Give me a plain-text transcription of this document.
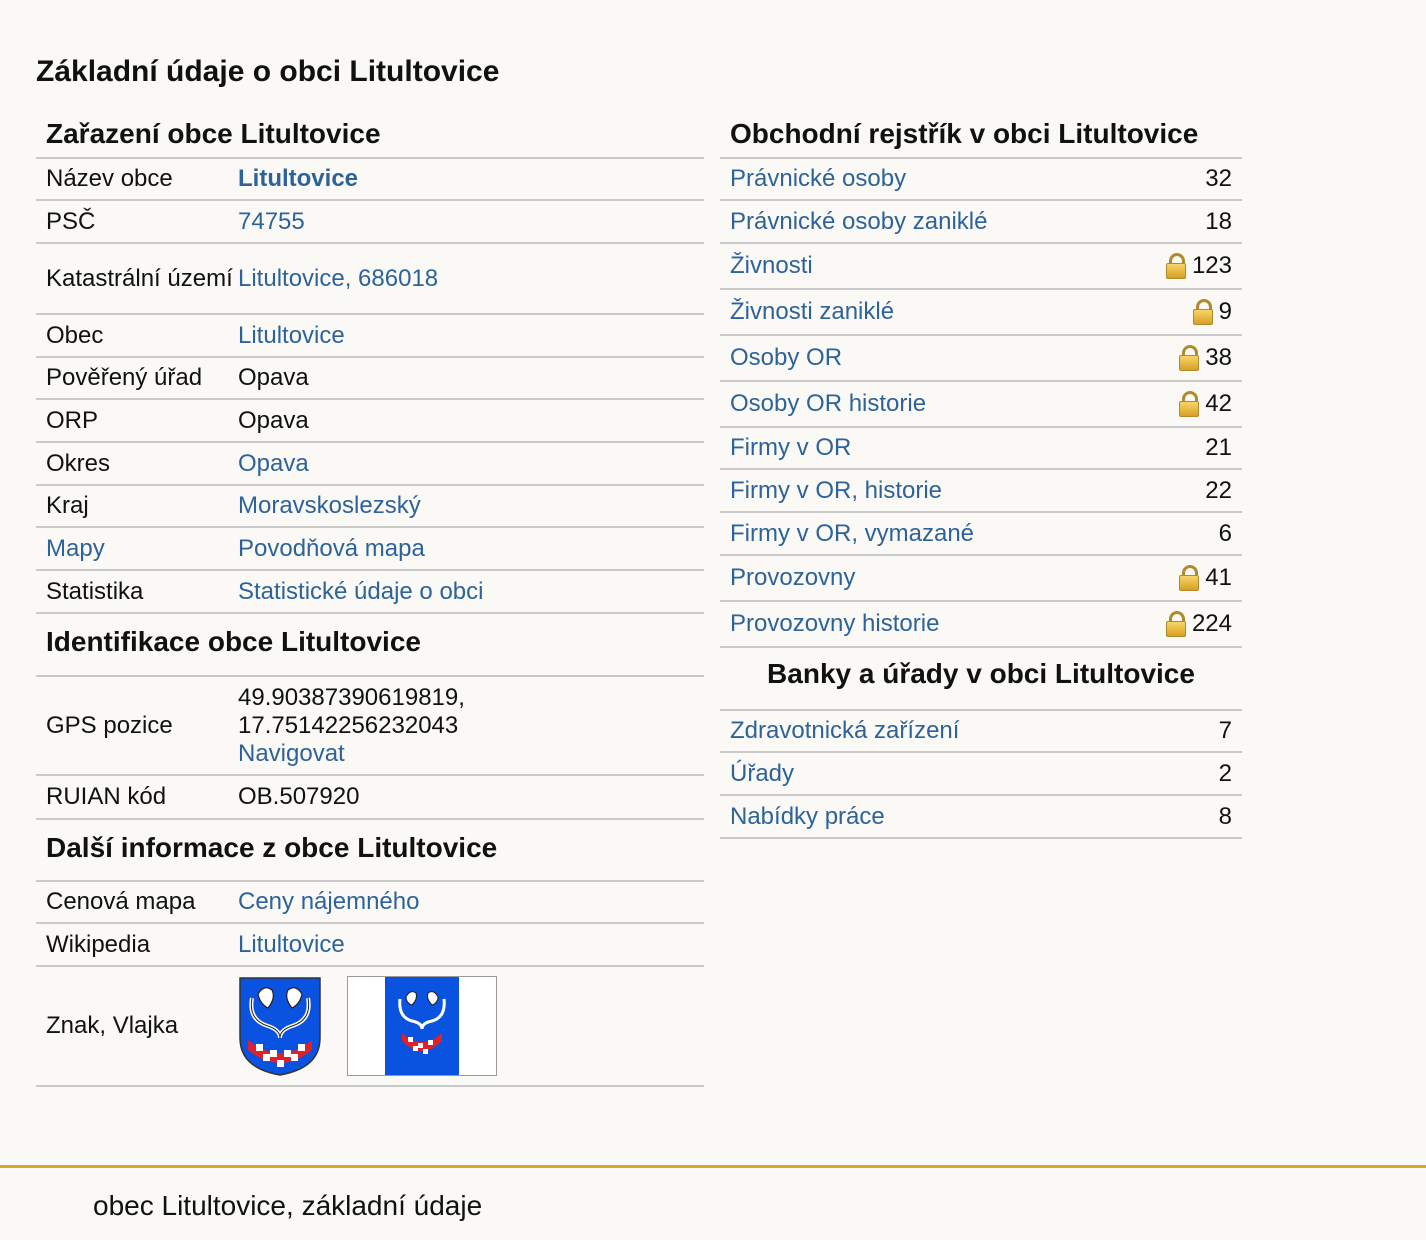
Základní údaje o obci Litultovice
Zařazení obce Litultovice
Název obce	Litultovice
PSČ	74755
Katastrální území Litultovice, 686018
Obec	Litultovice
Pověřený úřad	Opava
ORP	Opava
Okres	Opava
Kraj	Moravskoslezský
Mapy	Povodňová mapa
Statistika	Statistické údaje o obci
Identifikace obce Litultovice
GPS pozice
49.90387390619819,
17.75142256232043
Navigovat
RUIAN kód	OB.507920
Další informace z obce Litultovice
Cenová mapa	Ceny nájemného
Wikipedia	Litultovice
Znak, Vlajka

Obchodní rejstřík v obci Litultovice
Právnické osoby	32
Právnické osoby zaniklé	18
Živnosti	123
Živnosti zaniklé	9
Osoby OR	38
Osoby OR historie	42
Firmy v OR	21
Firmy v OR, historie	22
Firmy v OR, vymazané	6
Provozovny	41
Provozovny historie	224
Banky a úřady v obci Litultovice
Zdravotnická zařízení	7
Úřady	2
Nabídky práce	8
obec Litultovice, základní údaje
